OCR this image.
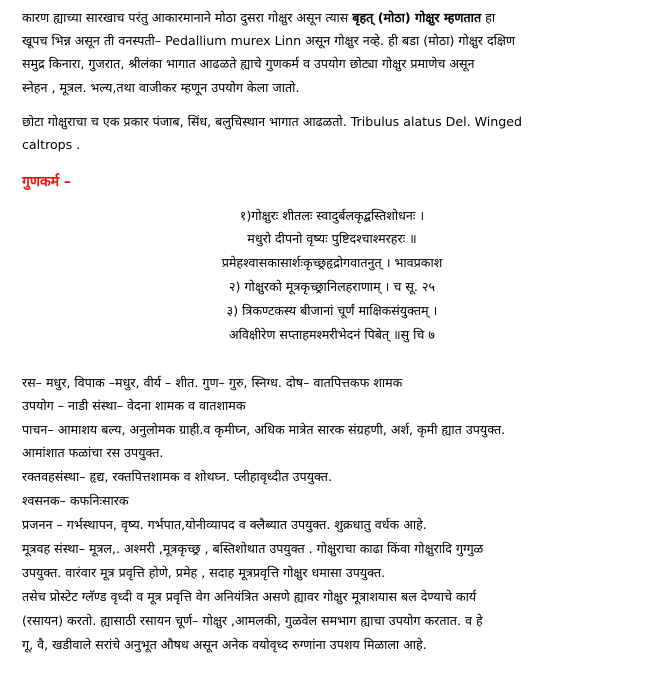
कारण ह्याच्या सारखाच परंतु आकारमानाने मोठा दुसरा गोक्षुर असून त्यास बृहत् (मोठा) गोक्षुर म्हणतात हा
खूपच भिन्न असून ती वनस्पती– Pedallium murex Linn असून गोक्षुर नव्हे. ही बडा (मोठा) गोक्षुर दक्षिण
समुद्र किनारा, गुजरात, श्रीलंका भागात आढळते ह्याचे गुणकर्म व उपयोग छोट्या गोक्षुर प्रमाणेच असून
स्नेहन , मूत्रल. भल्य,तथा वाजीकर म्हणून उपयोग केला जातो.
छोटा गोक्षुराचा च एक प्रकार पंजाब, सिंध, बलुचिस्थान भागात आढळतो. Tribulus alatus Del. Winged
caltrops .
गुणकर्म –
१)गोक्षुरः शीतलः स्वादुर्बलकृद्बस्तिशोधनः ।
मधुरो दीपनो वृष्यः पुष्टिदश्चाश्मरहरः ॥
प्रमेहश्वासकासार्शःकृच्छ्रहृद्रोगवातनुत् । भावप्रकाश
२) गोक्षुरको मूत्रकृच्छ्रानिलहराणाम् । च सू. २५
३) त्रिकण्टकस्य बीजानां चूर्णं माक्षिकसंयुक्तम् ।
अविक्षीरेण सप्ताहमश्मरीभेदनं पिबेत् ॥सु चि ७
रस– मधुर, विपाक –मधुर, वीर्य – शीत. गुण– गुरु, स्निग्ध. दोष– वातपित्तकफ शामक
उपयोग – नाडी संस्था– वेदना शामक व वातशामक
पाचन– आमाशय बल्य, अनुलोमक ग्राही.व कृमीघ्न, अधिक मात्रेत सारक संग्रहणी, अर्श, कृमी ह्यात उपयुक्त.
आमांशात फळांचा रस उपयुक्त.
रक्तवहसंस्था– हृद्य, रक्तपित्तशामक व शोथघ्न. प्लीहावृध्दीत उपयुक्त.
श्वसनक– कफनिःसारक
प्रजनन – गर्भस्थापन, वृष्य. गर्भपात,योनीव्यापद व क्लैब्यात उपयुक्त. शुक्रधातु वर्धक आहे.
मूत्रवह संस्था– मूत्रल,. अश्मरी ,मूत्रकृच्छ्र , बस्तिशोथात उपयुक्त . गोक्षुराचा काढा किंवा गोक्षुरादि गुग्गुळ
उपयुक्त. वारंवार मूत्र प्रवृत्ति होणे, प्रमेह , सदाह मूत्रप्रवृत्ति गोक्षुर धमासा उपयुक्त.
तसेच प्रोस्टेट ग्लॅण्ड वृध्दी व मूत्र प्रवृत्ति वेग अनियंत्रित असणे ह्यावर गोक्षुर मूत्राशयास बल देण्याचे कार्य
(रसायन) करतो. ह्यासाठी रसायन चूर्ण– गोक्षुर ,आमलकी, गुळवेल समभाग ह्याचा उपयोग करतात. व हे
गू, वै, खडीवाले सरांचे अनुभूत औषध असून अनेक वयोवृध्द रुग्णांना उपशय मिळाला आहे.
